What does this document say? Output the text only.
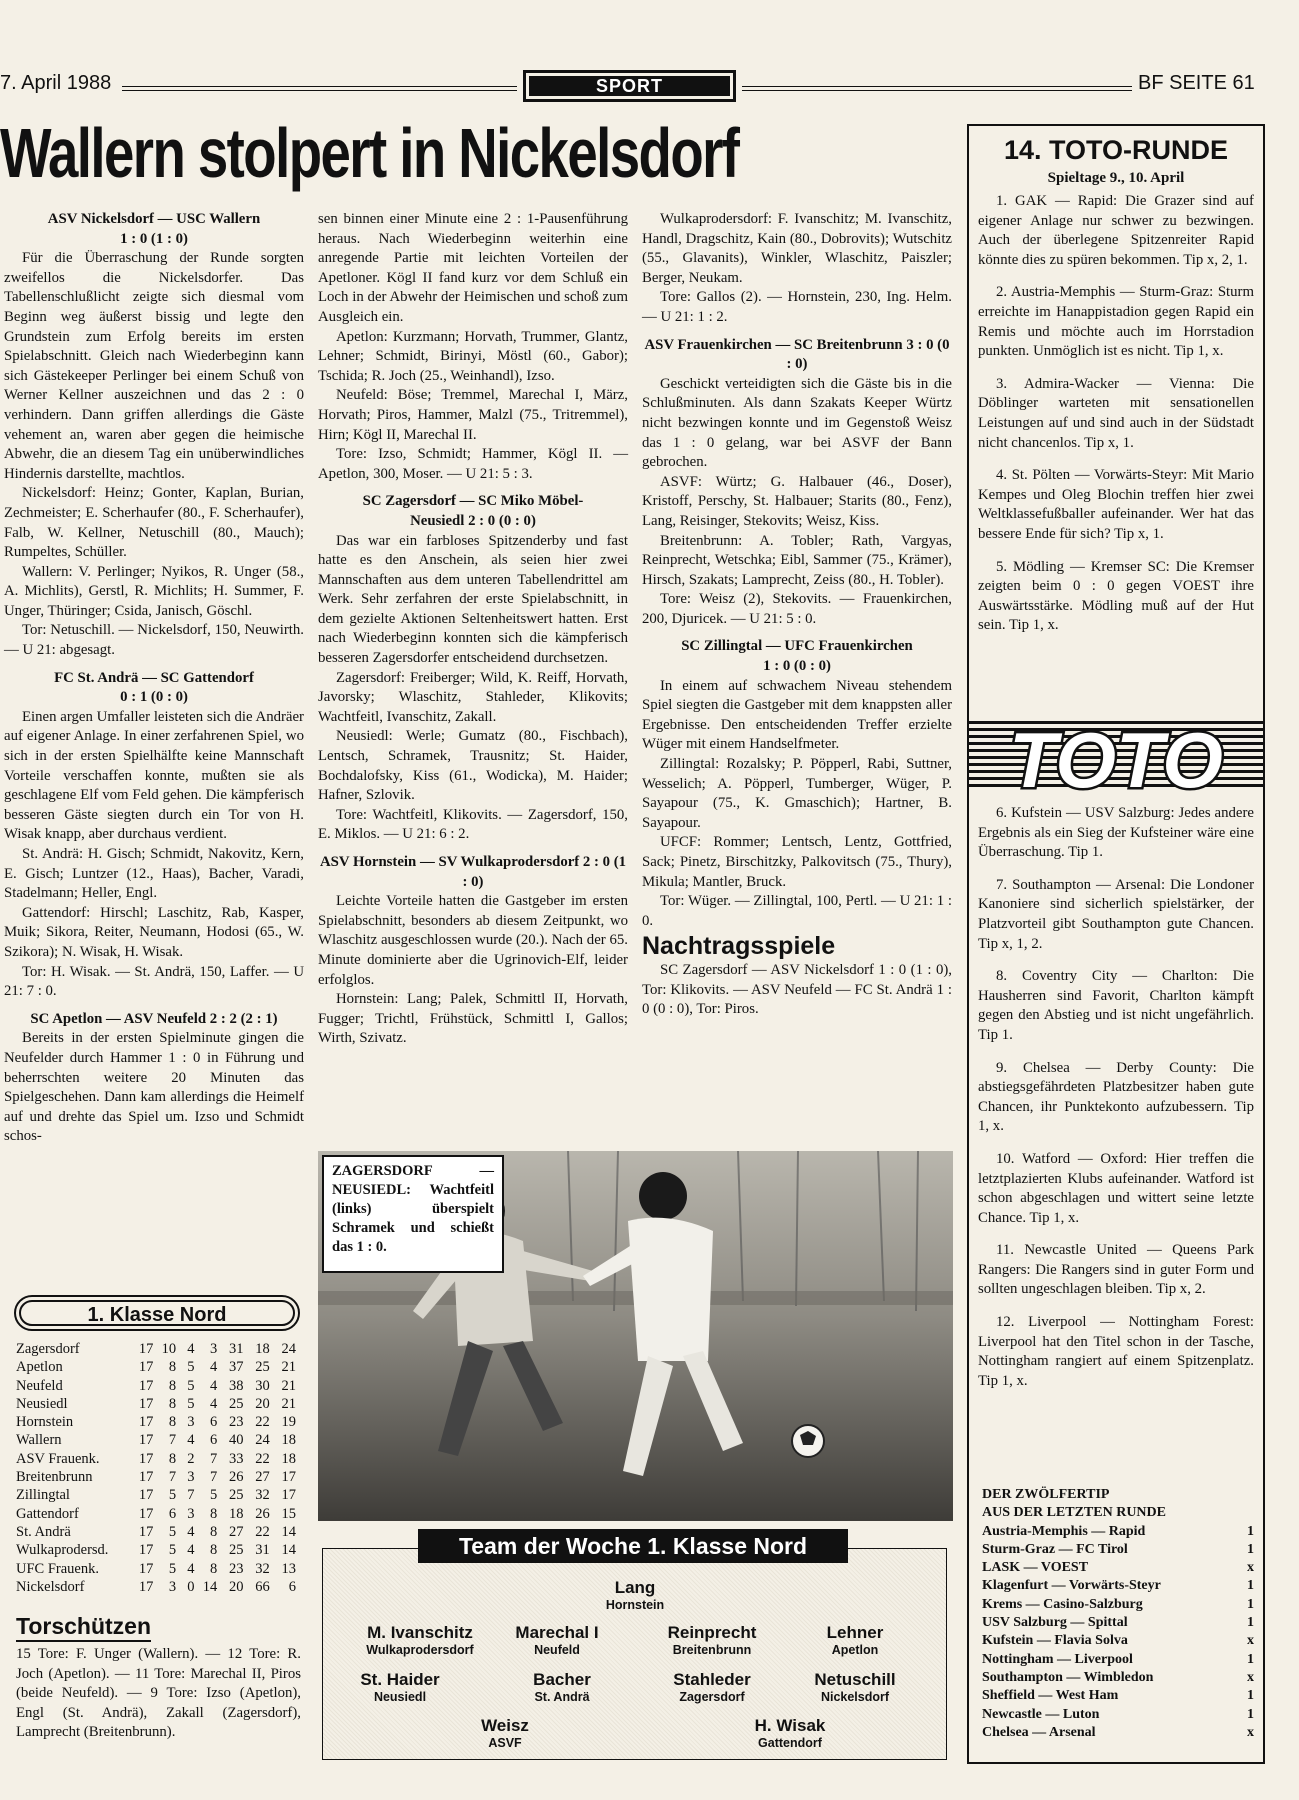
7. April 1988	SPORT	BF SEITE 61
Wallern stolpert in Nickelsdorf

ASV Nickelsdorf — USC Wallern

1 : 0 (1 : 0)

Für die Überraschung der Runde sorgten zweifellos die Nickelsdorfer. Das Tabellenschlußlicht zeigte sich diesmal vom Beginn weg äußerst bissig und legte den Grundstein zum Erfolg bereits im ersten Spielabschnitt. Gleich nach Wiederbeginn kann sich Gästekeeper Perlinger bei einem Schuß von Werner Kellner auszeichnen und das 2 : 0 verhindern. Dann griffen allerdings die Gäste vehement an, waren aber gegen die heimische Abwehr, die an diesem Tag ein unüberwindliches Hindernis darstellte, machtlos.

Nickelsdorf: Heinz; Gonter, Kaplan, Burian, Zechmeister; E. Scherhaufer (80., F. Scherhaufer), Falb, W. Kellner, Netuschill (80., Mauch); Rumpeltes, Schüller.

Wallern: V. Perlinger; Nyikos, R. Unger (58., A. Michlits), Gerstl, R. Michlits; H. Summer, F. Unger, Thüringer; Csida, Janisch, Göschl.

Tor: Netuschill. — Nickelsdorf, 150, Neuwirth. — U 21: abgesagt.

FC St. Andrä — SC Gattendorf

0 : 1 (0 : 0)

Einen argen Umfaller leisteten sich die Andräer auf eigener Anlage. In einer zerfahrenen Spiel, wo sich in der ersten Spielhälfte keine Mannschaft Vorteile verschaffen konnte, mußten sie als geschlagene Elf vom Feld gehen. Die kämpferisch besseren Gäste siegten durch ein Tor von H. Wisak knapp, aber durchaus verdient.

St. Andrä: H. Gisch; Schmidt, Nakovitz, Kern, E. Gisch; Luntzer (12., Haas), Bacher, Varadi, Stadelmann; Heller, Engl.

Gattendorf: Hirschl; Laschitz, Rab, Kasper, Muik; Sikora, Reiter, Neumann, Hodosi (65., W. Szikora); N. Wisak, H. Wisak.

Tor: H. Wisak. — St. Andrä, 150, Laffer. — U 21: 7 : 0.

SC Apetlon — ASV Neufeld 2 : 2 (2 : 1)

Bereits in der ersten Spielminute gingen die Neufelder durch Hammer 1 : 0 in Führung und beherrschten weitere 20 Minuten das Spielgeschehen. Dann kam allerdings die Heimelf auf und drehte das Spiel um. Izso und Schmidt schos-

sen binnen einer Minute eine 2 : 1-Pausenführung heraus. Nach Wiederbeginn weiterhin eine anregende Partie mit leichten Vorteilen der Apetloner. Kögl II fand kurz vor dem Schluß ein Loch in der Abwehr der Heimischen und schoß zum Ausgleich ein.

Apetlon: Kurzmann; Horvath, Trummer, Glantz, Lehner; Schmidt, Birinyi, Möstl (60., Gabor); Tschida; R. Joch (25., Weinhandl), Izso.

Neufeld: Böse; Tremmel, Marechal I, März, Horvath; Piros, Hammer, Malzl (75., Tritremmel), Hirn; Kögl II, Marechal II.

Tore: Izso, Schmidt; Hammer, Kögl II. — Apetlon, 300, Moser. — U 21: 5 : 3.

SC Zagersdorf — SC Miko Möbel-

Neusiedl 2 : 0 (0 : 0)

Das war ein farbloses Spitzenderby und fast hatte es den Anschein, als seien hier zwei Mannschaften aus dem unteren Tabellendrittel am Werk. Sehr zerfahren der erste Spielabschnitt, in dem gezielte Aktionen Seltenheitswert hatten. Erst nach Wiederbeginn konnten sich die kämpferisch besseren Zagersdorfer entscheidend durchsetzen.

Zagersdorf: Freiberger; Wild, K. Reiff, Horvath, Javorsky; Wlaschitz, Stahleder, Klikovits; Wachtfeitl, Ivanschitz, Zakall.

Neusiedl: Werle; Gumatz (80., Fischbach), Lentsch, Schramek, Trausnitz; St. Haider, Bochdalofsky, Kiss (61., Wodicka), M. Haider; Hafner, Szlovik.

Tore: Wachtfeitl, Klikovits. — Zagersdorf, 150, E. Miklos. — U 21: 6 : 2.

ASV Hornstein — SV Wulkaprodersdorf 2 : 0 (1 : 0)

Leichte Vorteile hatten die Gastgeber im ersten Spielabschnitt, besonders ab diesem Zeitpunkt, wo Wlaschitz ausgeschlossen wurde (20.). Nach der 65. Minute dominierte aber die Ugrinovich-Elf, leider erfolglos.

Hornstein: Lang; Palek, Schmittl II, Horvath, Fugger; Trichtl, Frühstück, Schmittl I, Gallos; Wirth, Szivatz.

Wulkaprodersdorf: F. Ivanschitz; M. Ivanschitz, Handl, Dragschitz, Kain (80., Dobrovits); Wutschitz (55., Glavanits), Winkler, Wlaschitz, Paiszler; Berger, Neukam.

Tore: Gallos (2). — Hornstein, 230, Ing. Helm. — U 21: 1 : 2.

ASV Frauenkirchen — SC Breitenbrunn 3 : 0 (0 : 0)

Geschickt verteidigten sich die Gäste bis in die Schlußminuten. Als dann Szakats Keeper Würtz nicht bezwingen konnte und im Gegenstoß Weisz das 1 : 0 gelang, war bei ASVF der Bann gebrochen.

ASVF: Würtz; G. Halbauer (46., Doser), Kristoff, Perschy, St. Halbauer; Starits (80., Fenz), Lang, Reisinger, Stekovits; Weisz, Kiss.

Breitenbrunn: A. Tobler; Rath, Vargyas, Reinprecht, Wetschka; Eibl, Sammer (75., Krämer), Hirsch, Szakats; Lamprecht, Zeiss (80., H. Tobler).

Tore: Weisz (2), Stekovits. — Frauenkirchen, 200, Djuricek. — U 21: 5 : 0.

SC Zillingtal — UFC Frauenkirchen

1 : 0 (0 : 0)

In einem auf schwachem Niveau stehendem Spiel siegten die Gastgeber mit dem knappsten aller Ergebnisse. Den entscheidenden Treffer erzielte Wüger mit einem Handselfmeter.

Zillingtal: Rozalsky; P. Pöpperl, Rabi, Suttner, Wesselich; A. Pöpperl, Tumberger, Wüger, P. Sayapour (75., K. Gmaschich); Hartner, B. Sayapour.

UFCF: Rommer; Lentsch, Lentz, Gottfried, Sack; Pinetz, Birschitzky, Palkovitsch (75., Thury), Mikula; Mantler, Bruck.

Tor: Wüger. — Zillingtal, 100, Pertl. — U 21: 1 : 0.

Nachtragsspiele

SC Zagersdorf — ASV Nickelsdorf 1 : 0 (1 : 0), Tor: Klikovits. — ASV Neufeld — FC St. Andrä 1 : 0 (0 : 0), Tor: Piros.

14. TOTO-RUNDE
Spieltage 9., 10. April

1. GAK — Rapid: Die Grazer sind auf eigener Anlage nur schwer zu bezwingen. Auch der überlegene Spitzenreiter Rapid könnte dies zu spüren bekommen. Tip x, 2, 1.

2. Austria-Memphis — Sturm-Graz: Sturm erreichte im Hanappistadion gegen Rapid ein Remis und möchte auch im Horrstadion punkten. Unmöglich ist es nicht. Tip 1, x.

3. Admira-Wacker — Vienna: Die Döblinger warteten mit sensationellen Leistungen auf und sind auch in der Südstadt nicht chancenlos. Tip x, 1.

4. St. Pölten — Vorwärts-Steyr: Mit Mario Kempes und Oleg Blochin treffen hier zwei Weltklassefußballer aufeinander. Wer hat das bessere Ende für sich? Tip x, 1.

5. Mödling — Kremser SC: Die Kremser zeigten beim 0 : 0 gegen VOEST ihre Auswärtsstärke. Mödling muß auf der Hut sein. Tip 1, x.

TOTO

6. Kufstein — USV Salzburg: Jedes andere Ergebnis als ein Sieg der Kufsteiner wäre eine Überraschung. Tip 1.

7. Southampton — Arsenal: Die Londoner Kanoniere sind sicherlich spielstärker, der Platzvorteil gibt Southampton gute Chancen. Tip x, 1, 2.

8. Coventry City — Charlton: Die Hausherren sind Favorit, Charlton kämpft gegen den Abstieg und ist nicht ungefährlich. Tip 1.

9. Chelsea — Derby County: Die abstiegsgefährdeten Platzbesitzer haben gute Chancen, ihr Punktekonto aufzubessern. Tip 1, x.

10. Watford — Oxford: Hier treffen die letztplazierten Klubs aufeinander. Watford ist schon abgeschlagen und wittert seine letzte Chance. Tip 1, x.

11. Newcastle United — Queens Park Rangers: Die Rangers sind in guter Form und sollten ungeschlagen bleiben. Tip x, 2.

12. Liverpool — Nottingham Forest: Liverpool hat den Titel schon in der Tasche, Nottingham rangiert auf einem Spitzenplatz. Tip 1, x.

DER ZWÖLFERTIP

AUS DER LETZTEN RUNDE

Austria-Memphis — Rapid	1
Sturm-Graz — FC Tirol	1
LASK — VOEST	x
Klagenfurt — Vorwärts-Steyr	1
Krems — Casino-Salzburg	1
USV Salzburg — Spittal	1
Kufstein — Flavia Solva	x
Nottingham — Liverpool	1
Southampton — Wimbledon	x
Sheffield — West Ham	1
Newcastle — Luton	1
Chelsea — Arsenal	x
1. Klasse Nord
Zagersdorf	17	10	4	3	31	18	24
Apetlon	17	8	5	4	37	25	21
Neufeld	17	8	5	4	38	30	21
Neusiedl	17	8	5	4	25	20	21
Hornstein	17	8	3	6	23	22	19
Wallern	17	7	4	6	40	24	18
ASV Frauenk.	17	8	2	7	33	22	18
Breitenbrunn	17	7	3	7	26	27	17
Zillingtal	17	5	7	5	25	32	17
Gattendorf	17	6	3	8	18	26	15
St. Andrä	17	5	4	8	27	22	14
Wulkaprodersd.	17	5	4	8	25	31	14
UFC Frauenk.	17	5	4	8	23	32	13
Nickelsdorf	17	3	0	14	20	66	6
Torschützen
15 Tore: F. Unger (Wallern). — 12 Tore: R. Joch (Apetlon). — 11 Tore: Marechal II, Piros (beide Neufeld). — 9 Tore: Izso (Apetlon), Engl (St. Andrä), Zakall (Zagersdorf), Lamprecht (Breitenbrunn).
ZAGERSDORF — NEUSIEDL: Wachtfeitl (links) überspielt Schramek und schießt das 1 : 0.
Team der Woche 1. Klasse Nord
Lang
Hornstein
M. Ivanschitz
Wulkaprodersdorf
Marechal I
Neufeld
Reinprecht
Breitenbrunn
Lehner
Apetlon
St. Haider
Neusiedl
Bacher
St. Andrä
Stahleder
Zagersdorf
Netuschill
Nickelsdorf
Weisz
ASVF
H. Wisak
Gattendorf
